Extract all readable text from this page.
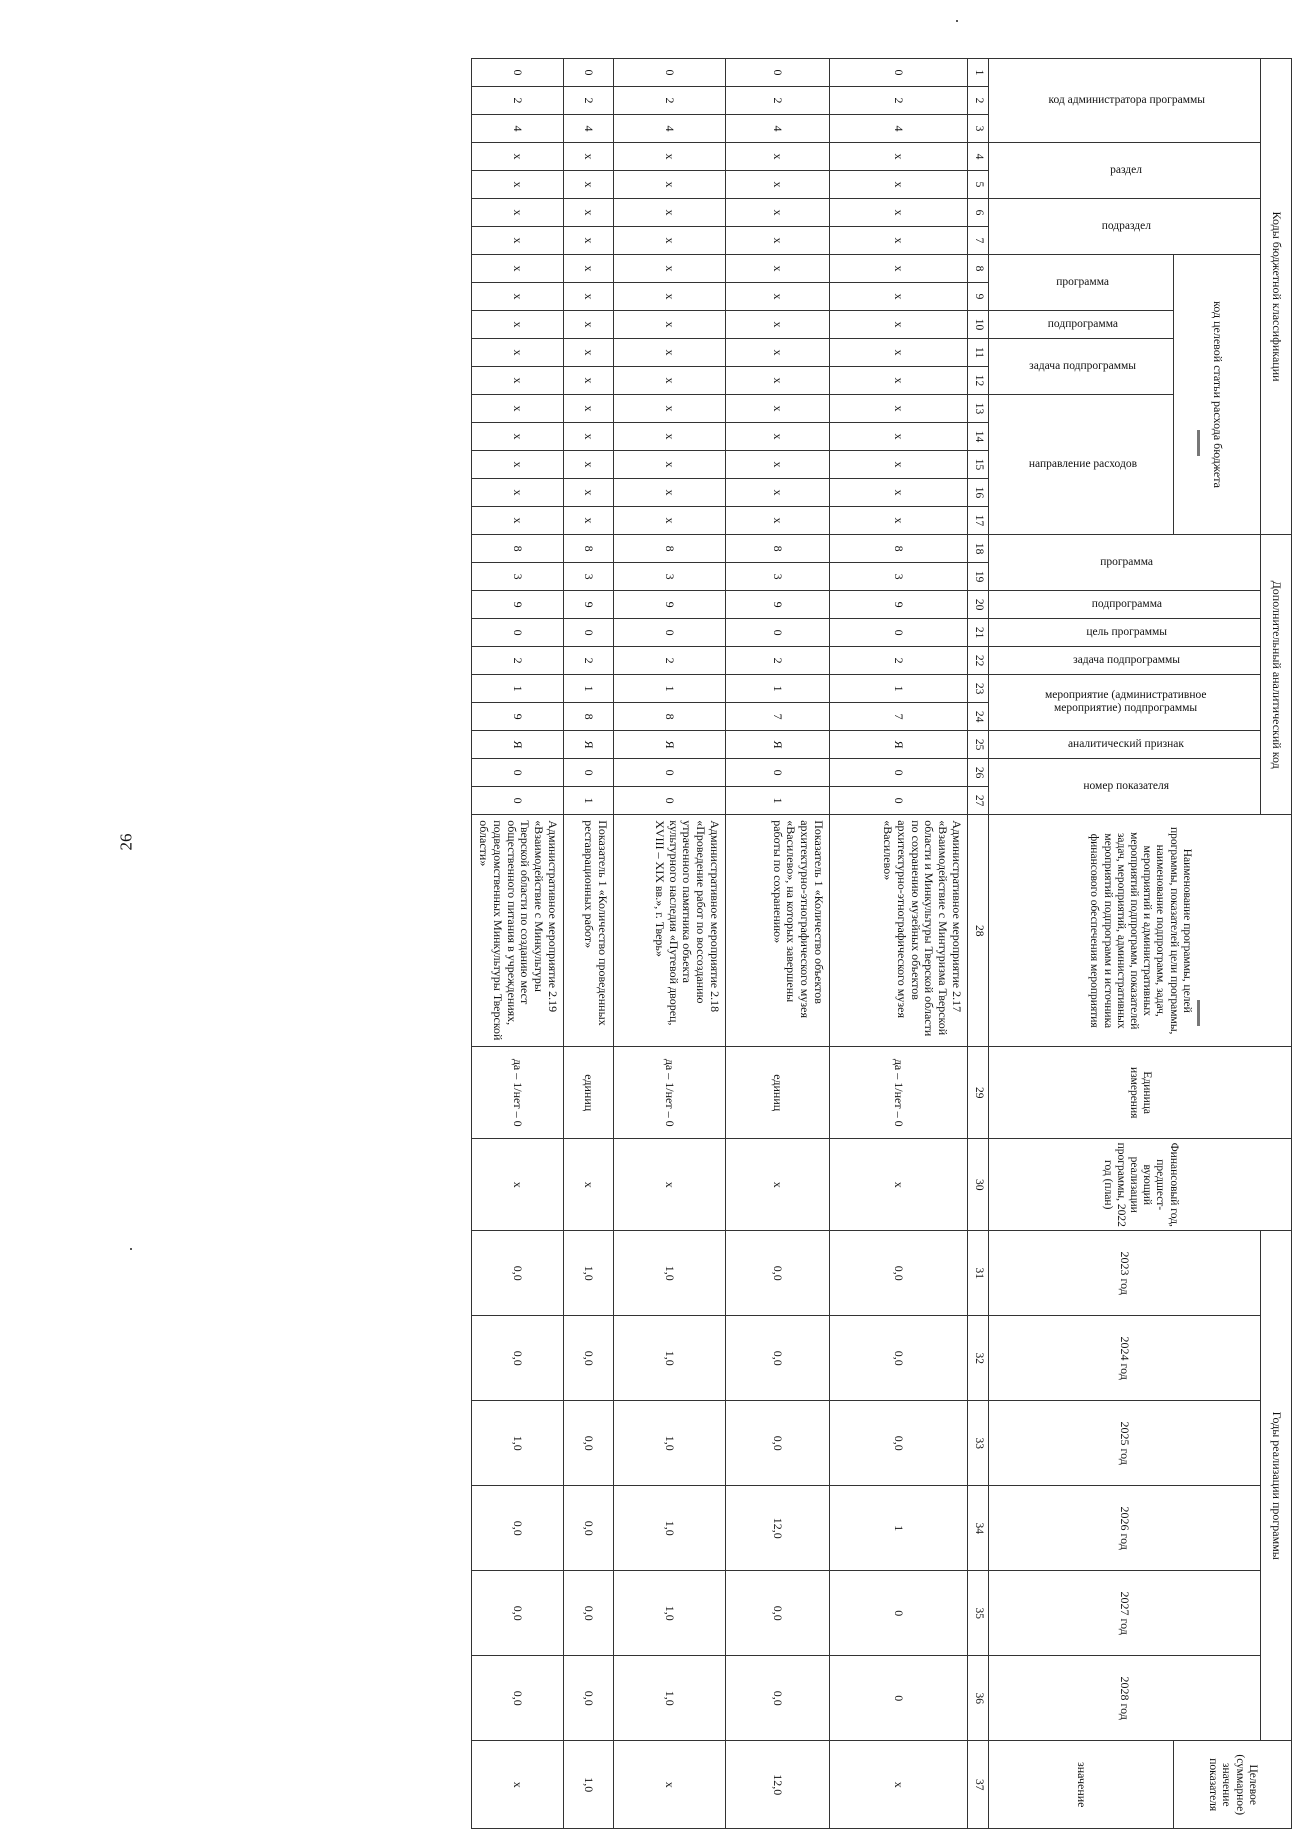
26
Коды бюджетной классификации																	Дополнительный аналитический код										Наименование программы, целей программы, показателей цели программы, наименование подпрограмм, задач, мероприятий и административных мероприятий подпрограмм, показателей задач, мероприятий, административных мероприятий подпрограмм и источника финансового обеспечения мероприятия	Единица измерения	Финансовый год, предшест-вующий реализации программы, 2022 год (план)	Годы реализации программы						Целевое (суммарное) значение показателя
код администратора программы			раздел		подраздел		код целевой статьи расхода бюджета										программа		подпрограмма	цель программы	задача подпрограммы	мероприятие (административное мероприятие) подпрограммы		аналитический признак	номер показателя					2023 год	2024 год	2025 год	2026 год	2027 год	2028 год	
							программа		подпрограмма	задача подпрограммы		направление расходов																								значение
1	2	3	4	5	6	7	8	9	10	11	12	13	14	15	16	17	18	19	20	21	22	23	24	25	26	27	28	29	30	31	32	33	34	35	36	37
0	2	4	x	x	x	x	x	x	x	x	x	x	x	x	x	x	8	3	9	0	2	1	7	Я	0	0	Административное мероприятие 2.17 «Взаимодействие с Минтуризма Тверской области и Минкультуры Тверской области по сохранению музейных объектов архитектурно-этнографического музея «Василево»	да – 1/нет – 0	x	0,0	0,0	0,0	1	0	0	x
0	2	4	x	x	x	x	x	x	x	x	x	x	x	x	x	x	8	3	9	0	2	1	7	Я	0	1	Показатель 1 «Количество объектов архитектурно-этнографического музея «Василево», на которых завершены работы по сохранению»	единиц	x	0,0	0,0	0,0	12,0	0,0	0,0	12,0
0	2	4	x	x	x	x	x	x	x	x	x	x	x	x	x	x	8	3	9	0	2	1	8	Я	0	0	Административное мероприятие 2.18 «Проведение работ по воссозданию утраченного памятника объекта культурного наследия «Путевой дворец, XVIII – XIX вв.», г. Тверь»	да – 1/нет – 0	x	1,0	1,0	1,0	1,0	1,0	1,0	x
0	2	4	x	x	x	x	x	x	x	x	x	x	x	x	x	x	8	3	9	0	2	1	8	Я	0	1	Показатель 1 «Количество проведенных реставрационных работ»	единиц	x	1,0	0,0	0,0	0,0	0,0	0,0	1,0
0	2	4	x	x	x	x	x	x	x	x	x	x	x	x	x	x	8	3	9	0	2	1	9	Я	0	0	Административное мероприятие 2.19 «Взаимодействие с Минкультуры Тверской области по созданию мест общественного питания в учреждениях, подведомственных Минкультуры Тверской области»	да – 1/нет – 0	x	0,0	0,0	1,0	0,0	0,0	0,0	x
